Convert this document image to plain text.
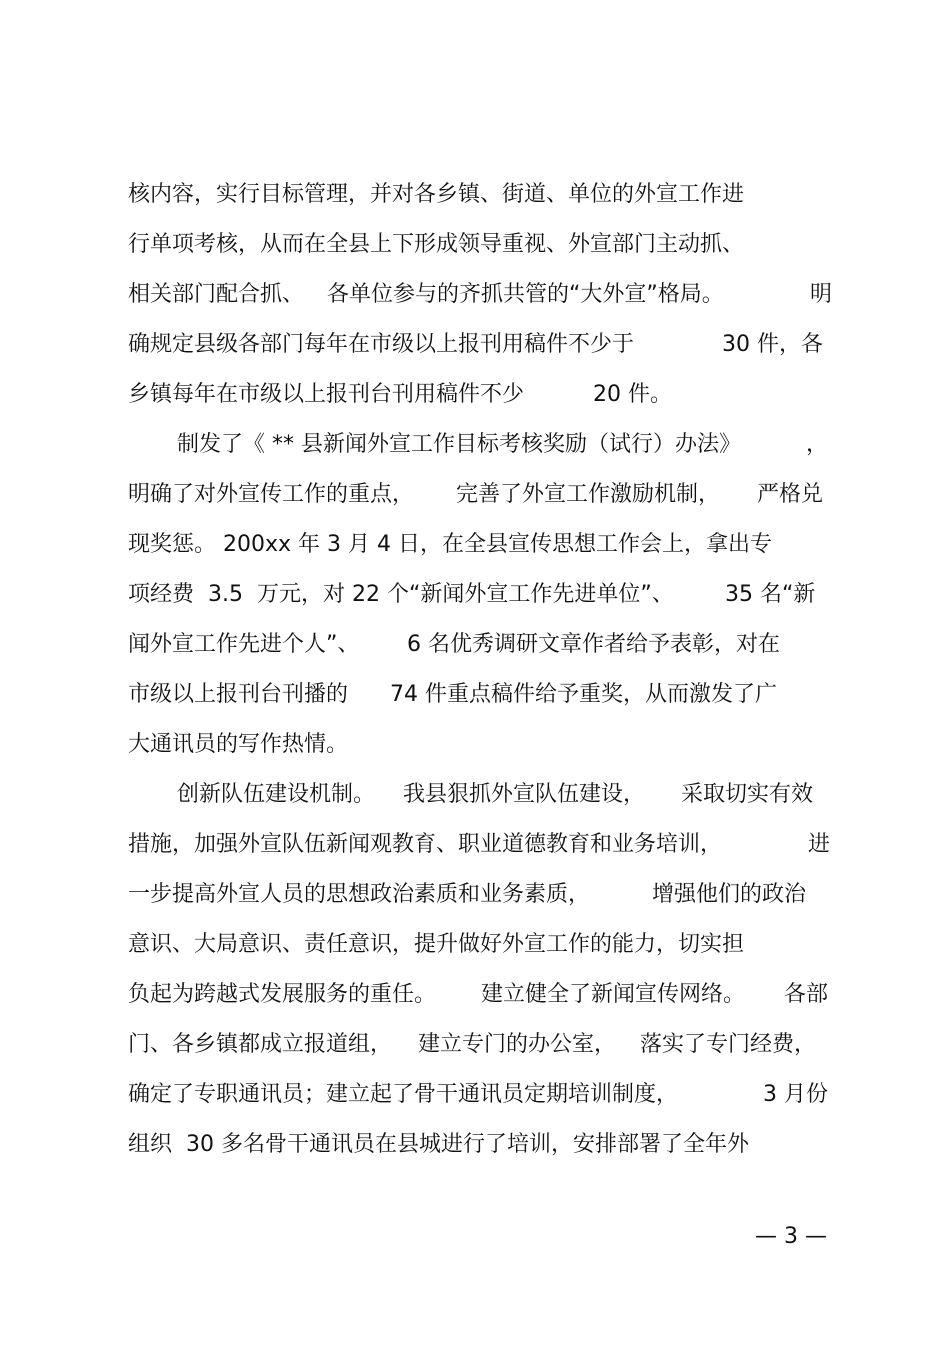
核内容，实行目标管理，并对各乡镇、街道、单位的外宣工作进
行单项考核，从而在全县上下形成领导重视、外宣部门主动抓、
相关部门配合抓、 各单位参与的齐抓共管的“大外宣”格局。	明
确规定县级各部门每年在市级以上报刊用稿件不少于	30 件，各
乡镇每年在市级以上报刊台刊用稿件不少	20 件。
制发了《 ** 县新闻外宣工作目标考核奖励（试行）办法》	，
明确了对外宣传工作的重点， 完善了外宣工作激励机制， 严格兑
现奖惩。 200xx 年 3 月 4 日，在全县宣传思想工作会上，拿出专
项经费  3.5  万元，对 22 个“新闻外宣工作先进单位”、 35 名“新
闻外宣工作先进个人”、 6 名优秀调研文章作者给予表彰，对在
市级以上报刊台刊播的 74 件重点稿件给予重奖，从而激发了广
大通讯员的写作热情。
创新队伍建设机制。 我县狠抓外宣队伍建设， 采取切实有效
措施，加强外宣队伍新闻观教育、职业道德教育和业务培训，	进
一步提高外宣人员的思想政治素质和业务素质，	增强他们的政治
意识、大局意识、责任意识，提升做好外宣工作的能力，切实担
负起为跨越式发展服务的重任。 建立健全了新闻宣传网络。 各部
门、各乡镇都成立报道组， 建立专门的办公室， 落实了专门经费，
确定了专职通讯员；建立起了骨干通讯员定期培训制度，	3 月份
组织  30 多名骨干通讯员在县城进行了培训，安排部署了全年外
— 3 —
